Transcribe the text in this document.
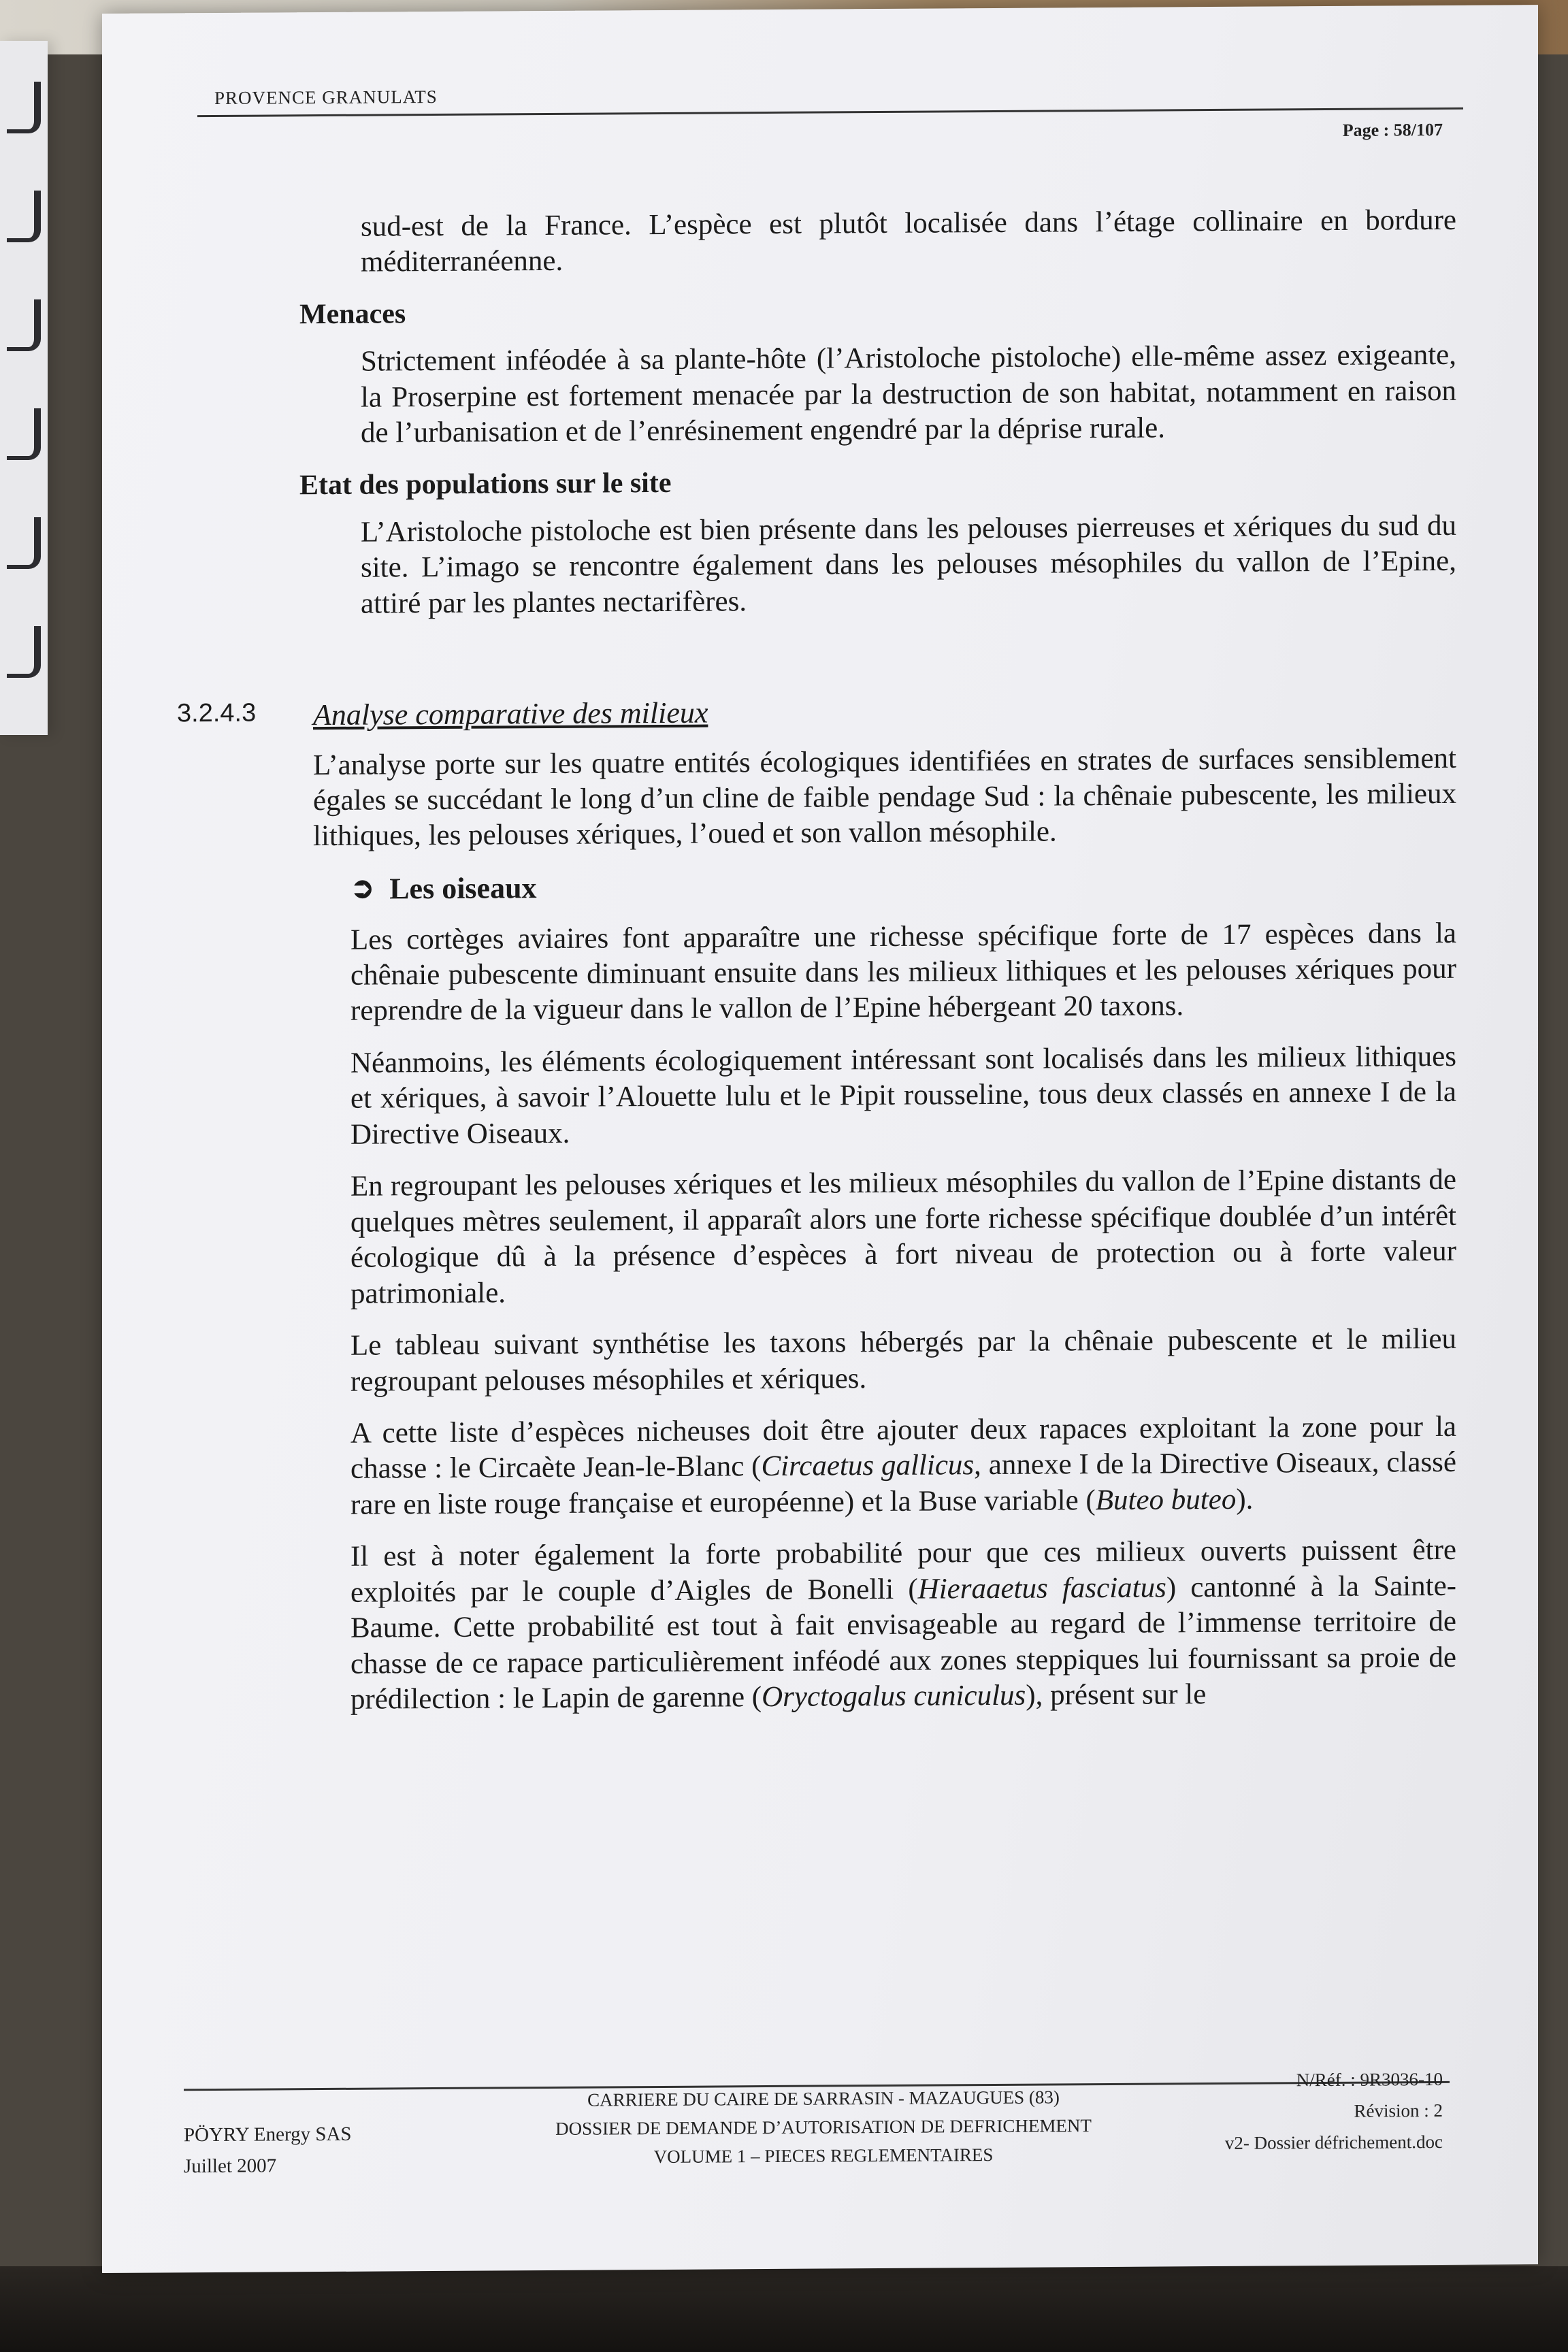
PROVENCE GRANULATS
Page : 58/107

sud-est de la France. L’espèce est plutôt localisée dans l’étage collinaire en bordure méditerranéenne.

Menaces

Strictement inféodée à sa plante-hôte (l’Aristoloche pistoloche) elle-même assez exigeante, la Proserpine est fortement menacée par la destruction de son habitat, notamment en raison de l’urbanisation et de l’enrésinement engendré par la déprise rurale.

Etat des populations sur le site

L’Aristoloche pistoloche est bien présente dans les pelouses pierreuses et xériques du sud du site. L’imago se rencontre également dans les pelouses mésophiles du vallon de l’Epine, attiré par les plantes nectarifères.

3.2.4.3 Analyse comparative des milieux

L’analyse porte sur les quatre entités écologiques identifiées en strates de surfaces sensiblement égales se succédant le long d’un cline de faible pendage Sud : la chênaie pubescente, les milieux lithiques, les pelouses xériques, l’oued et son vallon mésophile.

➲ Les oiseaux

Les cortèges aviaires font apparaître une richesse spécifique forte de 17 espèces dans la chênaie pubescente diminuant ensuite dans les milieux lithiques et les pelouses xériques pour reprendre de la vigueur dans le vallon de l’Epine hébergeant 20 taxons.

Néanmoins, les éléments écologiquement intéressant sont localisés dans les milieux lithiques et xériques, à savoir l’Alouette lulu et le Pipit rousseline, tous deux classés en annexe I de la Directive Oiseaux.

En regroupant les pelouses xériques et les milieux mésophiles du vallon de l’Epine distants de quelques mètres seulement, il apparaît alors une forte richesse spécifique doublée d’un intérêt écologique dû à la présence d’espèces à fort niveau de protection ou à forte valeur patrimoniale.

Le tableau suivant synthétise les taxons hébergés par la chênaie pubescente et le milieu regroupant pelouses mésophiles et xériques.

A cette liste d’espèces nicheuses doit être ajouter deux rapaces exploitant la zone pour la chasse : le Circaète Jean-le-Blanc (Circaetus gallicus, annexe I de la Directive Oiseaux, classé rare en liste rouge française et européenne) et la Buse variable (Buteo buteo).

Il est à noter également la forte probabilité pour que ces milieux ouverts puissent être exploités par le couple d’Aigles de Bonelli (Hieraaetus fasciatus) cantonné à la Sainte-Baume. Cette probabilité est tout à fait envisageable au regard de l’immense territoire de chasse de ce rapace particulièrement inféodé aux zones steppiques lui fournissant sa proie de prédilection : le Lapin de garenne (Oryctogalus cuniculus), présent sur le

PÖYRY Energy SAS
Juillet 2007
CARRIERE DU CAIRE DE SARRASIN - MAZAUGUES (83)
DOSSIER DE DEMANDE D’AUTORISATION DE DEFRICHEMENT
VOLUME 1 – PIECES REGLEMENTAIRES
N/Réf. : 9R3036-10
Révision : 2
v2- Dossier défrichement.doc
